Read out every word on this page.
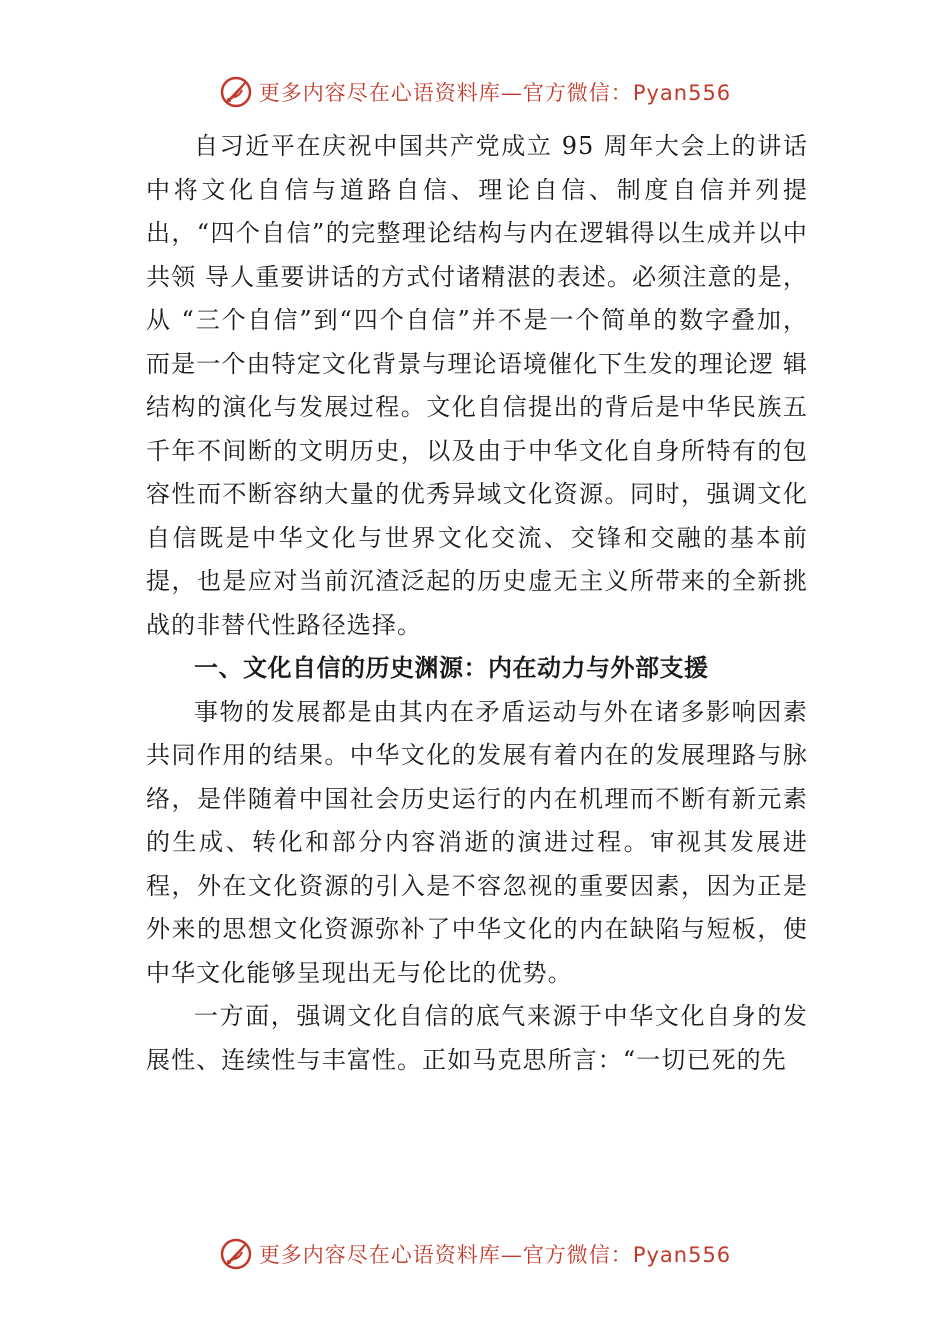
更多内容尽在心语资料库—官方微信：Pyan556

自习近平在庆祝中国共产党成立 95 周年大会上的讲话中将文化自信与道路自信、理论自信、制度自信并列提出，“四个自信”的完整理论结构与内在逻辑得以生成并以中共领 导人重要讲话的方式付诸精湛的表述。必须注意的是，从 “三个自信”到“四个自信”并不是一个简单的数字叠加， 而是一个由特定文化背景与理论语境催化下生发的理论逻 辑结构的演化与发展过程。文化自信提出的背后是中华民族五千年不间断的文明历史，以及由于中华文化自身所特有的包容性而不断容纳大量的优秀异域文化资源。同时，强调文化自信既是中华文化与世界文化交流、交锋和交融的基本前提，也是应对当前沉渣泛起的历史虚无主义所带来的全新挑战的非替代性路径选择。

一、文化自信的历史渊源：内在动力与外部支援

事物的发展都是由其内在矛盾运动与外在诸多影响因素共同作用的结果。中华文化的发展有着内在的发展理路与脉络，是伴随着中国社会历史运行的内在机理而不断有新元素的生成、转化和部分内容消逝的演进过程。审视其发展进程，外在文化资源的引入是不容忽视的重要因素，因为正是外来的思想文化资源弥补了中华文化的内在缺陷与短板，使中华文化能够呈现出无与伦比的优势。

一方面，强调文化自信的底气来源于中华文化自身的发展性、连续性与丰富性。正如马克思所言：“一切已死的先

更多内容尽在心语资料库—官方微信：Pyan556
